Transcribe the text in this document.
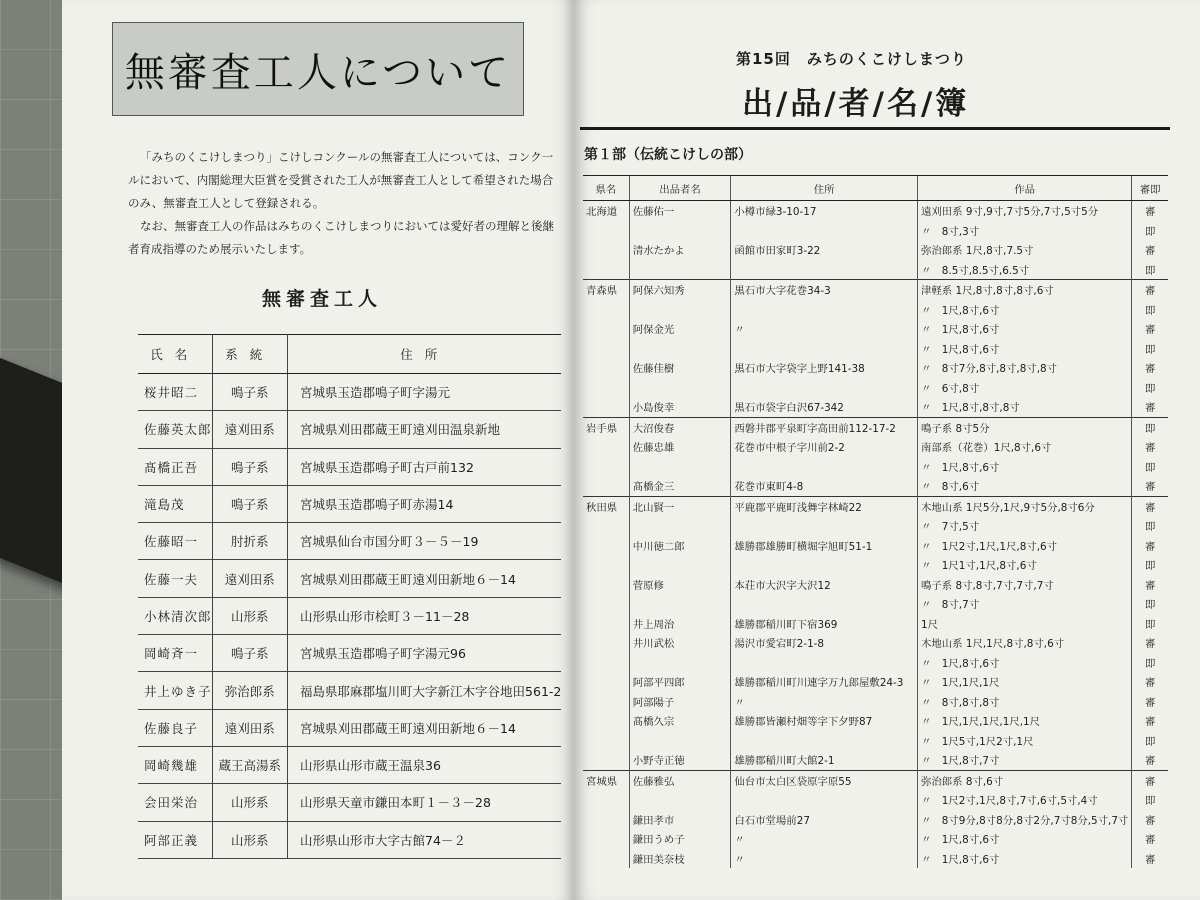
無審査工人について

「みちのくこけしまつり」こけしコンクールの無審査工人については、コンク一

ルにおいて、内閣総理大臣賞を受賞された工人が無審査工人として希望された場合

のみ、無審査工人として登録される。

なお、無審査工人の作品はみちのくこけしまつりにおいては愛好者の理解と後継

者育成指導のため展示いたします。

無審査工人
氏名	系統	住所
桜井昭二	鳴子系	宮城県玉造郡鳴子町字湯元
佐藤英太郎	遠刈田系	宮城県刈田郡蔵王町遠刈田温泉新地
髙橋正吾	鳴子系	宮城県玉造郡鳴子町古戸前132
滝島茂	鳴子系	宮城県玉造郡鳴子町赤湯14
佐藤昭一	肘折系	宮城県仙台市国分町３－５－19
佐藤一夫	遠刈田系	宮城県刈田郡蔵王町遠刈田新地６－14
小林清次郎	山形系	山形県山形市桧町３－11－28
岡崎斉一	鳴子系	宮城県玉造郡鳴子町字湯元96
井上ゆき子	弥治郎系	福島県耶麻郡塩川町大字新江木字谷地田561-2
佐藤良子	遠刈田系	宮城県刈田郡蔵王町遠刈田新地６－14
岡崎幾雄	蔵王高湯系	山形県山形市蔵王温泉36
会田栄治	山形系	山形県天童市鎌田本町１－３－28
阿部正義	山形系	山形県山形市大字古館74－２
第15回　みちのくこけしまつり
出/品/者/名/簿
第１部（伝統こけしの部）
県名	出品者名	住所	作品	審即
北海道	佐藤佑一	小樽市緑3-10-17	遠刈田系 9寸,9寸,7寸5分,7寸,5寸5分	審
			〃　8寸,3寸	即
	清水たかよ	函館市田家町3-22	弥治郎系 1尺,8寸,7.5寸	審
			〃　8.5寸,8.5寸,6.5寸	即
青森県	阿保六知秀	黒石市大字花巻34-3	津軽系 1尺,8寸,8寸,8寸,6寸	審
			〃　1尺,8寸,6寸	即
	阿保金光	〃	〃　1尺,8寸,6寸	審
			〃　1尺,8寸,6寸	即
	佐藤佳樹	黒石市大字袋字上野141-38	〃　8寸7分,8寸,8寸,8寸,8寸	審
			〃　6寸,8寸	即
	小島俊幸	黒石市袋字白沢67-342	〃　1尺,8寸,8寸,8寸	審
岩手県	大沼俊春	西磐井郡平泉町字高田前112-17-2	鳴子系 8寸5分	即
	佐藤忠雄	花巻市中根子字川前2-2	南部系（花巻）1尺,8寸,6寸	審
			〃　1尺,8寸,6寸	即
	髙橋金三	花巻市東町4-8	〃　8寸,6寸	審
秋田県	北山賢一	平鹿郡平鹿町浅舞字林崎22	木地山系 1尺5分,1尺,9寸5分,8寸6分	審
			〃　7寸,5寸	即
	中川徳二郎	雄勝郡雄勝町横堀字旭町51-1	〃　1尺2寸,1尺,1尺,8寸,6寸	審
			〃　1尺1寸,1尺,8寸,6寸	即
	菅原修	本荘市大沢字大沢12	鳴子系 8寸,8寸,7寸,7寸,7寸	審
			〃　8寸,7寸	即
	井上周治	雄勝郡稲川町下宿369	1尺	即
	井川武松	湯沢市愛宕町2-1-8	木地山系 1尺,1尺,8寸,8寸,6寸	審
			〃　1尺,8寸,6寸	即
	阿部平四郎	雄勝郡稲川町川連字万九郎屋敷24-3	〃　1尺,1尺,1尺	審
	阿部陽子	〃	〃　8寸,8寸,8寸	審
	髙橋久宗	雄勝郡皆瀬村畑等字下夕野87	〃　1尺,1尺,1尺,1尺,1尺	審
			〃　1尺5寸,1尺2寸,1尺	即
	小野寺正徳	雄勝郡稲川町大館2-1	〃　1尺,8寸,7寸	審
宮城県	佐藤雅弘	仙台市太白区袋原字原55	弥治郎系 8寸,6寸	審
			〃　1尺2寸,1尺,8寸,7寸,6寸,5寸,4寸	即
	鎌田孝市	白石市堂場前27	〃　8寸9分,8寸8分,8寸2分,7寸8分,5寸,7寸	審
	鎌田うめ子	〃	〃　1尺,8寸,6寸	審
	鎌田美奈枝	〃	〃　1尺,8寸,6寸	審
